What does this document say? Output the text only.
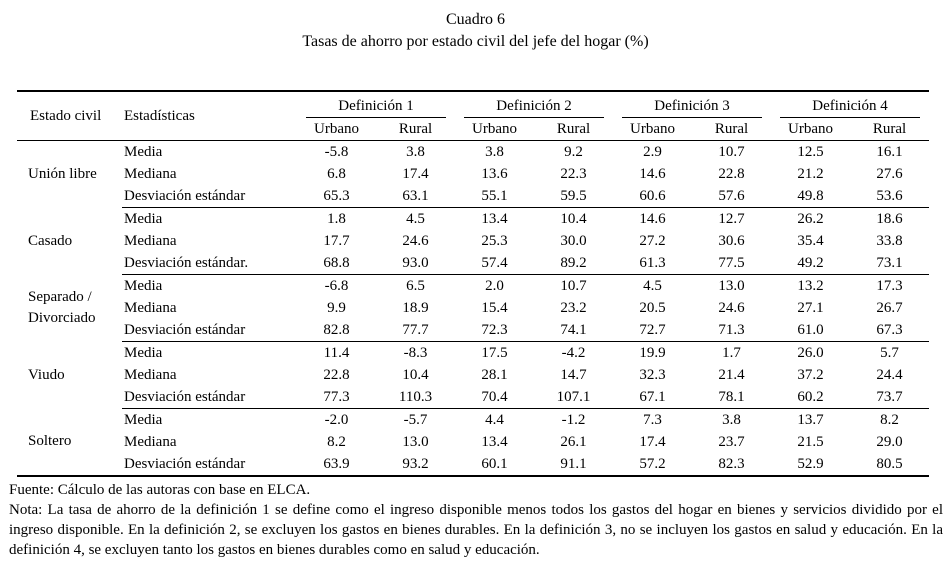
Cuadro 6
Tasas de ahorro por estado civil del jefe del hogar (%)
Estado civil	Estadísticas	Definición 1		Definición 2		Definición 3		Definición 4	

		Urbano	Rural	Urbano	Rural	Urbano	Rural	Urbano	Rural
Unión libre	Media	-5.8	3.8	3.8	9.2	2.9	10.7	12.5	16.1
	Mediana	6.8	17.4	13.6	22.3	14.6	22.8	21.2	27.6
	Desviación estándar	65.3	63.1	55.1	59.5	60.6	57.6	49.8	53.6
Casado	Media	1.8	4.5	13.4	10.4	14.6	12.7	26.2	18.6
	Mediana	17.7	24.6	25.3	30.0	27.2	30.6	35.4	33.8
	Desviación estándar.	68.8	93.0	57.4	89.2	61.3	77.5	49.2	73.1
Separado / Divorciado	Media	-6.8	6.5	2.0	10.7	4.5	13.0	13.2	17.3
	Mediana	9.9	18.9	15.4	23.2	20.5	24.6	27.1	26.7
	Desviación estándar	82.8	77.7	72.3	74.1	72.7	71.3	61.0	67.3
Viudo	Media	11.4	-8.3	17.5	-4.2	19.9	1.7	26.0	5.7
	Mediana	22.8	10.4	28.1	14.7	32.3	21.4	37.2	24.4
	Desviación estándar	77.3	110.3	70.4	107.1	67.1	78.1	60.2	73.7
Soltero	Media	-2.0	-5.7	4.4	-1.2	7.3	3.8	13.7	8.2
	Mediana	8.2	13.0	13.4	26.1	17.4	23.7	21.5	29.0
	Desviación estándar	63.9	93.2	60.1	91.1	57.2	82.3	52.9	80.5
Fuente: Cálculo de las autoras con base en ELCA.
Nota: La tasa de ahorro de la definición 1 se define como el ingreso disponible menos todos los gastos del hogar en bienes y servicios dividido por el ingreso disponible. En la definición 2, se excluyen los gastos en bienes durables. En la definición 3, no se incluyen los gastos en salud y educación. En la definición 4, se excluyen tanto los gastos en bienes durables como en salud y educación.
